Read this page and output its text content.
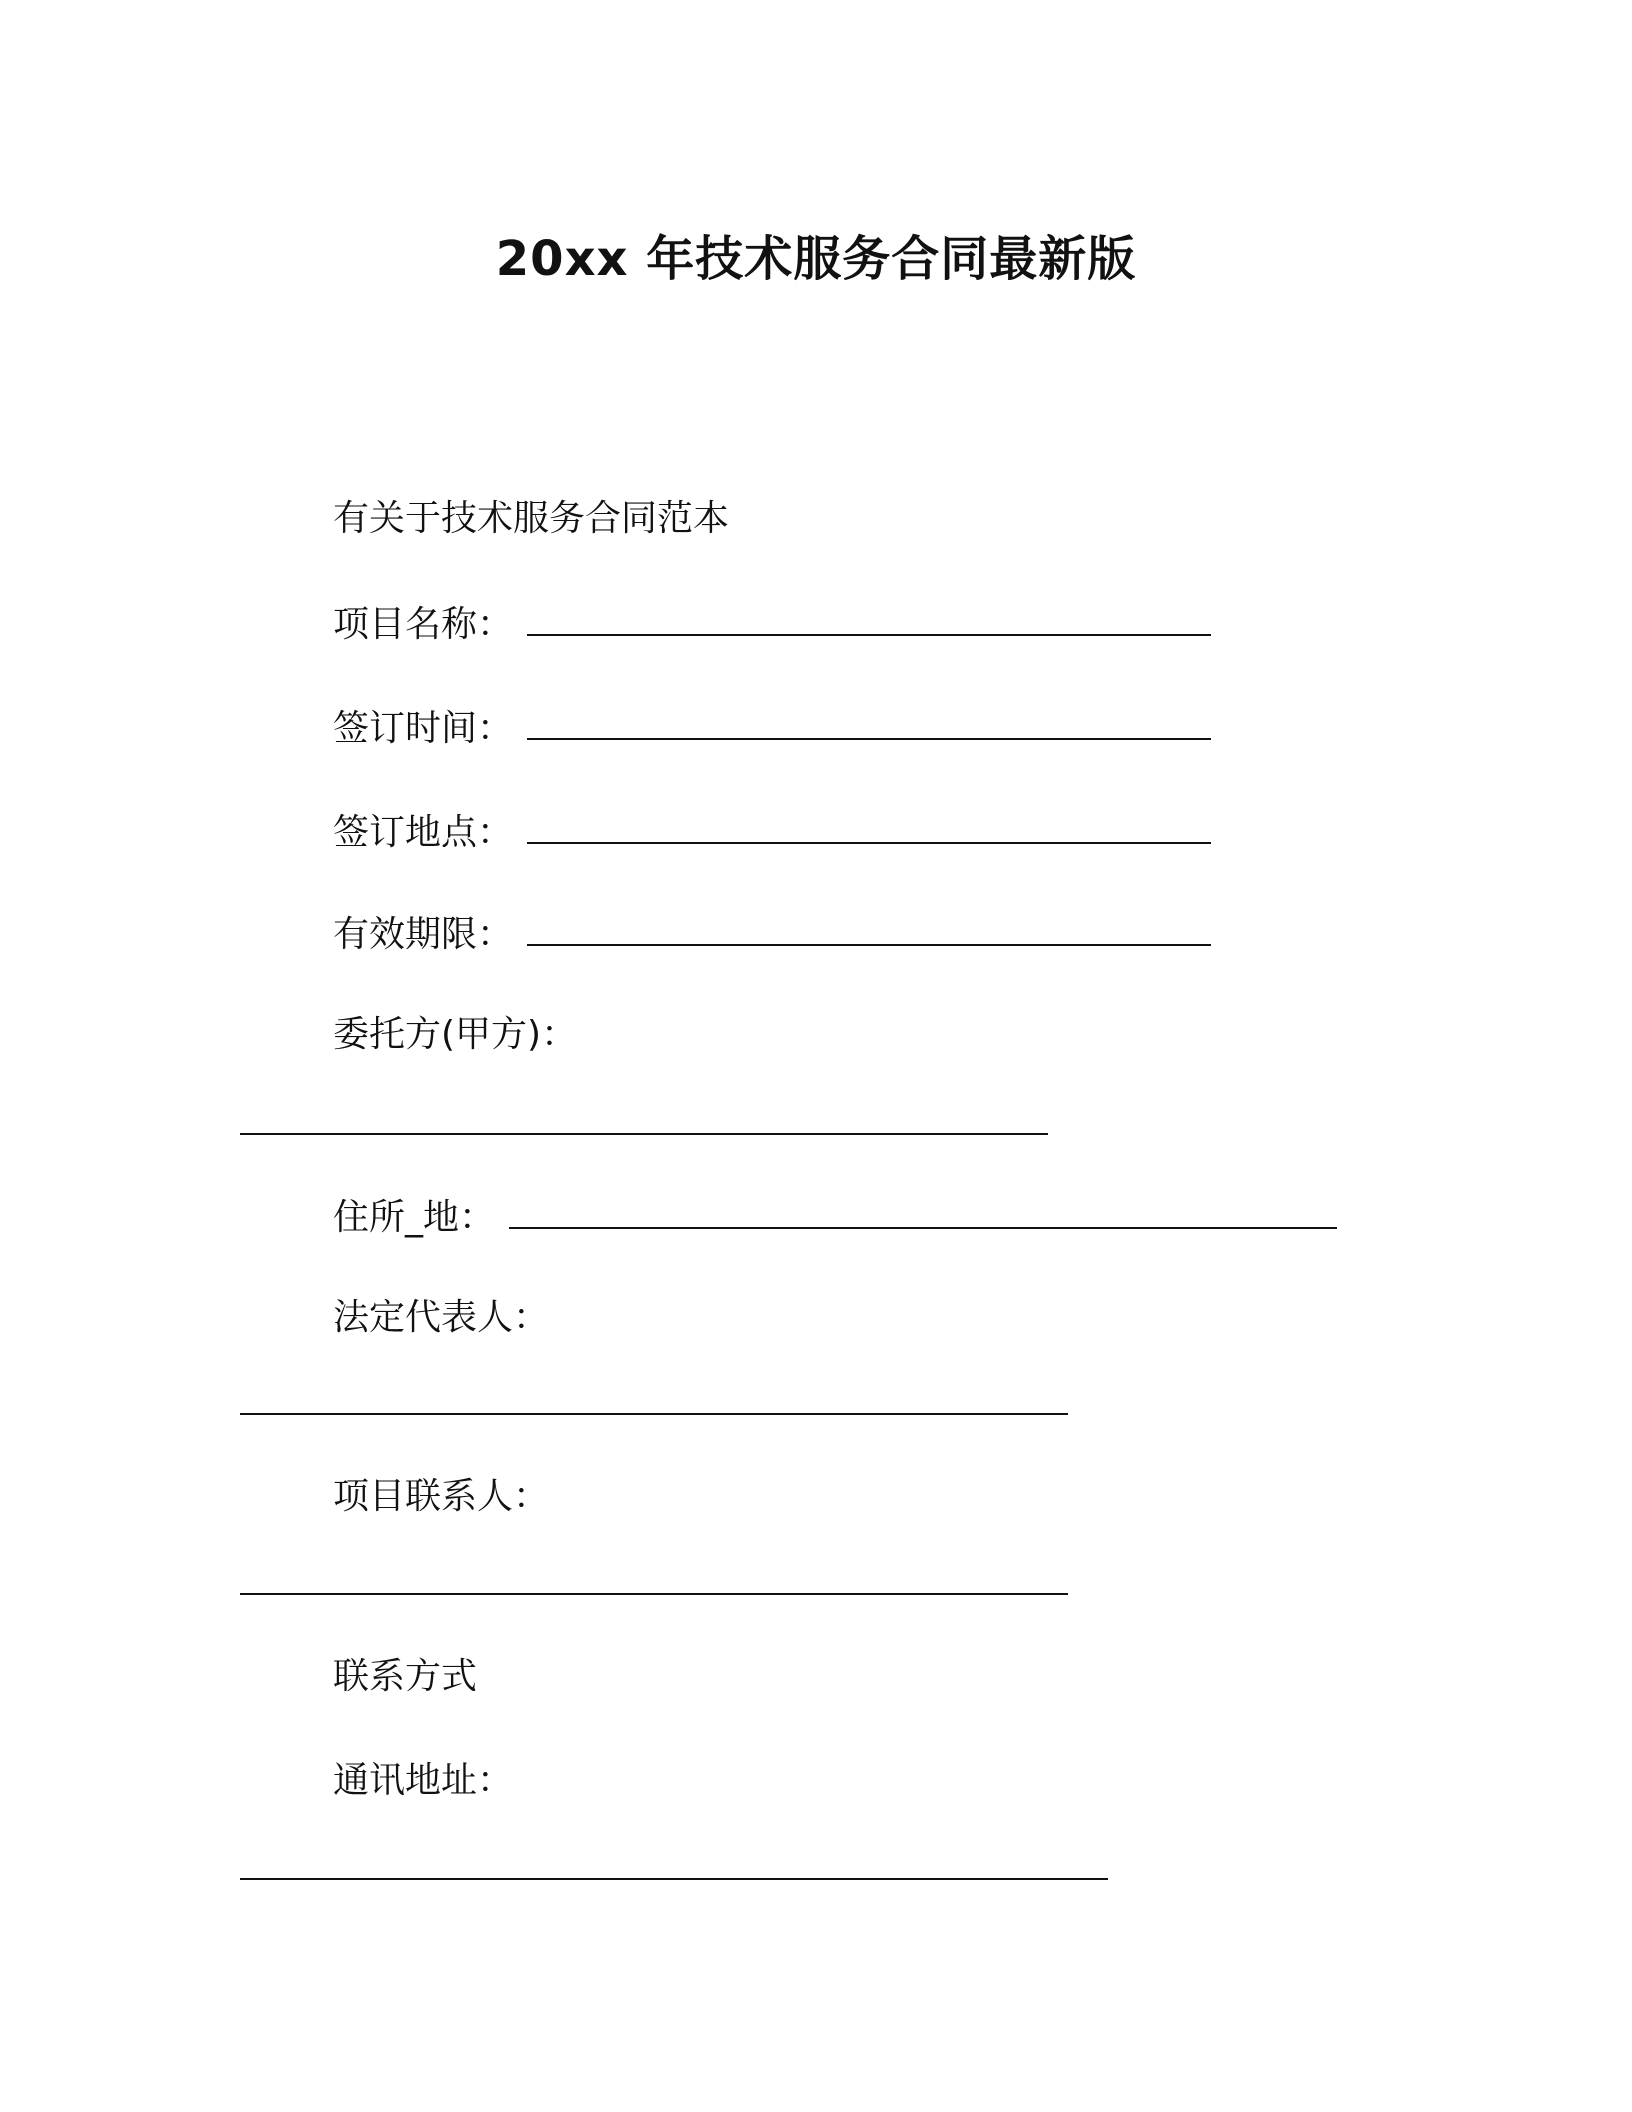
20xx 年技术服务合同最新版
有关于技术服务合同范本
项目名称：
签订时间：
签订地点：
有效期限：
委托方(甲方)：
住所_地：
法定代表人：
项目联系人：
联系方式
通讯地址：
